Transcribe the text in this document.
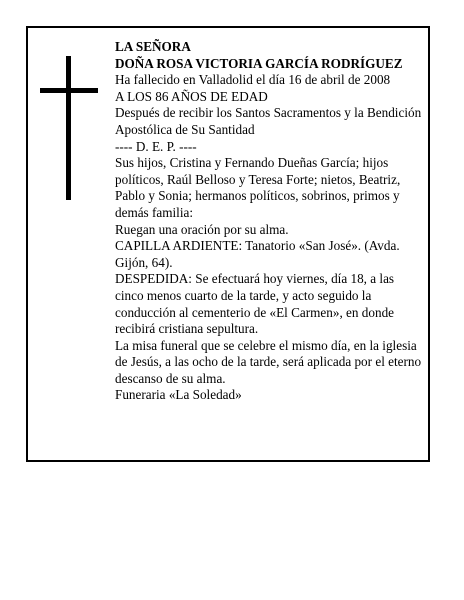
LA SEÑORA
DOÑA ROSA VICTORIA GARCÍA RODRÍGUEZ
Ha fallecido en Valladolid el día 16 de abril de 2008
A LOS 86 AÑOS DE EDAD
Después de recibir los Santos Sacramentos y la Bendición Apostólica de Su Santidad
---- D. E. P. ----
Sus hijos, Cristina y Fernando Dueñas García; hijos políticos, Raúl Belloso y Teresa Forte; nietos, Beatriz, Pablo y Sonia; hermanos políticos, sobrinos, primos y demás familia:
Ruegan una oración por su alma.
CAPILLA ARDIENTE: Tanatorio «San José». (Avda. Gijón, 64).
DESPEDIDA: Se efectuará hoy viernes, día 18, a las cinco menos cuarto de la tarde, y acto seguido la conducción al cementerio de «El Carmen», en donde recibirá cristiana sepultura.
La misa funeral que se celebre el mismo día, en la iglesia de Jesús, a las ocho de la tarde, será aplicada por el eterno descanso de su alma.
Funeraria «La Soledad»
